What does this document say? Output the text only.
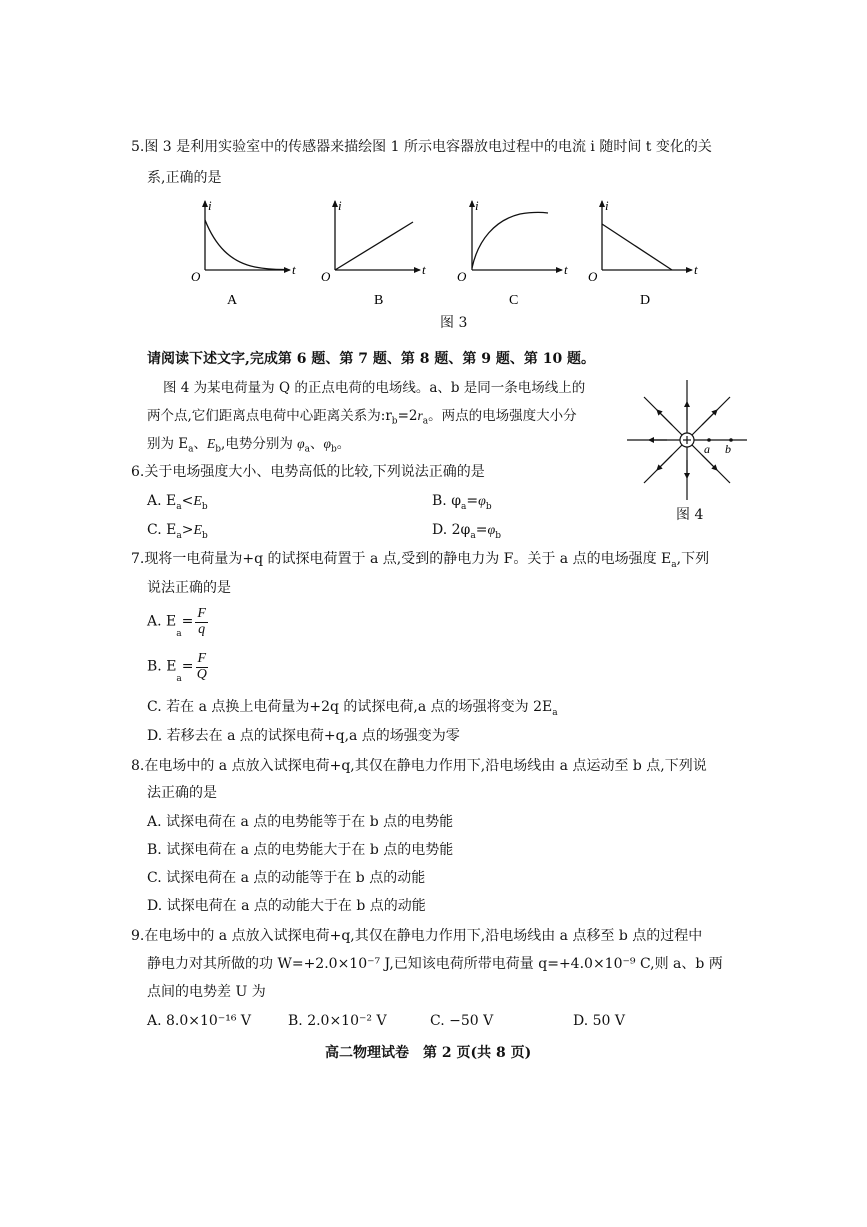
5.图 3 是利用实验室中的传感器来描绘图 1 所示电容器放电过程中的电流 i 随时间 t 变化的关
系,正确的是
i
t
O
A
i
t
O
B
i
t
O
C
i
t
O
D
图 3
请阅读下述文字,完成第 6 题、第 7 题、第 8 题、第 9 题、第 10 题。
图 4 为某电荷量为 Q 的正点电荷的电场线。a、b 是同一条电场线上的
两个点,它们距离点电荷中心距离关系为$:r_b=2r_a$。两点的电场强度大小分
别为 $E_a$、$E_b$,电势分别为 $\varphi_a$、$\varphi_b$。	a b
图 4
6.关于电场强度大小、电势高低的比较,下列说法正确的是
A. $E_a<E_b$	B. $\varphi_a=\varphi_b$
C. $E_a>E_b$	D. $2\varphi_a=\varphi_b$
7.现将一电荷量为+q 的试探电荷置于 a 点,受到的静电力为 F。关于 a 点的电场强度 $E_a$,下列
说法正确的是
A. $E_a= \frac{F}{q}$
B. $E_a= \frac{F}{Q}$
C. 若在 a 点换上电荷量为+2q 的试探电荷,a 点的场强将变为 $2E_a$
D. 若移去在 a 点的试探电荷+q,a 点的场强变为零
8.在电场中的 a 点放入试探电荷+q,其仅在静电力作用下,沿电场线由 a 点运动至 b 点,下列说
法正确的是
A. 试探电荷在 a 点的电势能等于在 b 点的电势能
B. 试探电荷在 a 点的电势能大于在 b 点的电势能
C. 试探电荷在 a 点的动能等于在 b 点的动能
D. 试探电荷在 a 点的动能大于在 b 点的动能
9.在电场中的 a 点放入试探电荷+q,其仅在静电力作用下,沿电场线由 a 点移至 b 点的过程中
静电力对其所做的功 W=+2.0×10⁻⁷ J,已知该电荷所带电荷量 q=+4.0×10⁻⁹ C,则 a、b 两
点间的电势差 U 为
A. 8.0×10⁻¹⁶ V	B. 2.0×10⁻² V	C. −50 V	D. 50 V
高二物理试卷　第 2 页(共 8 页)
